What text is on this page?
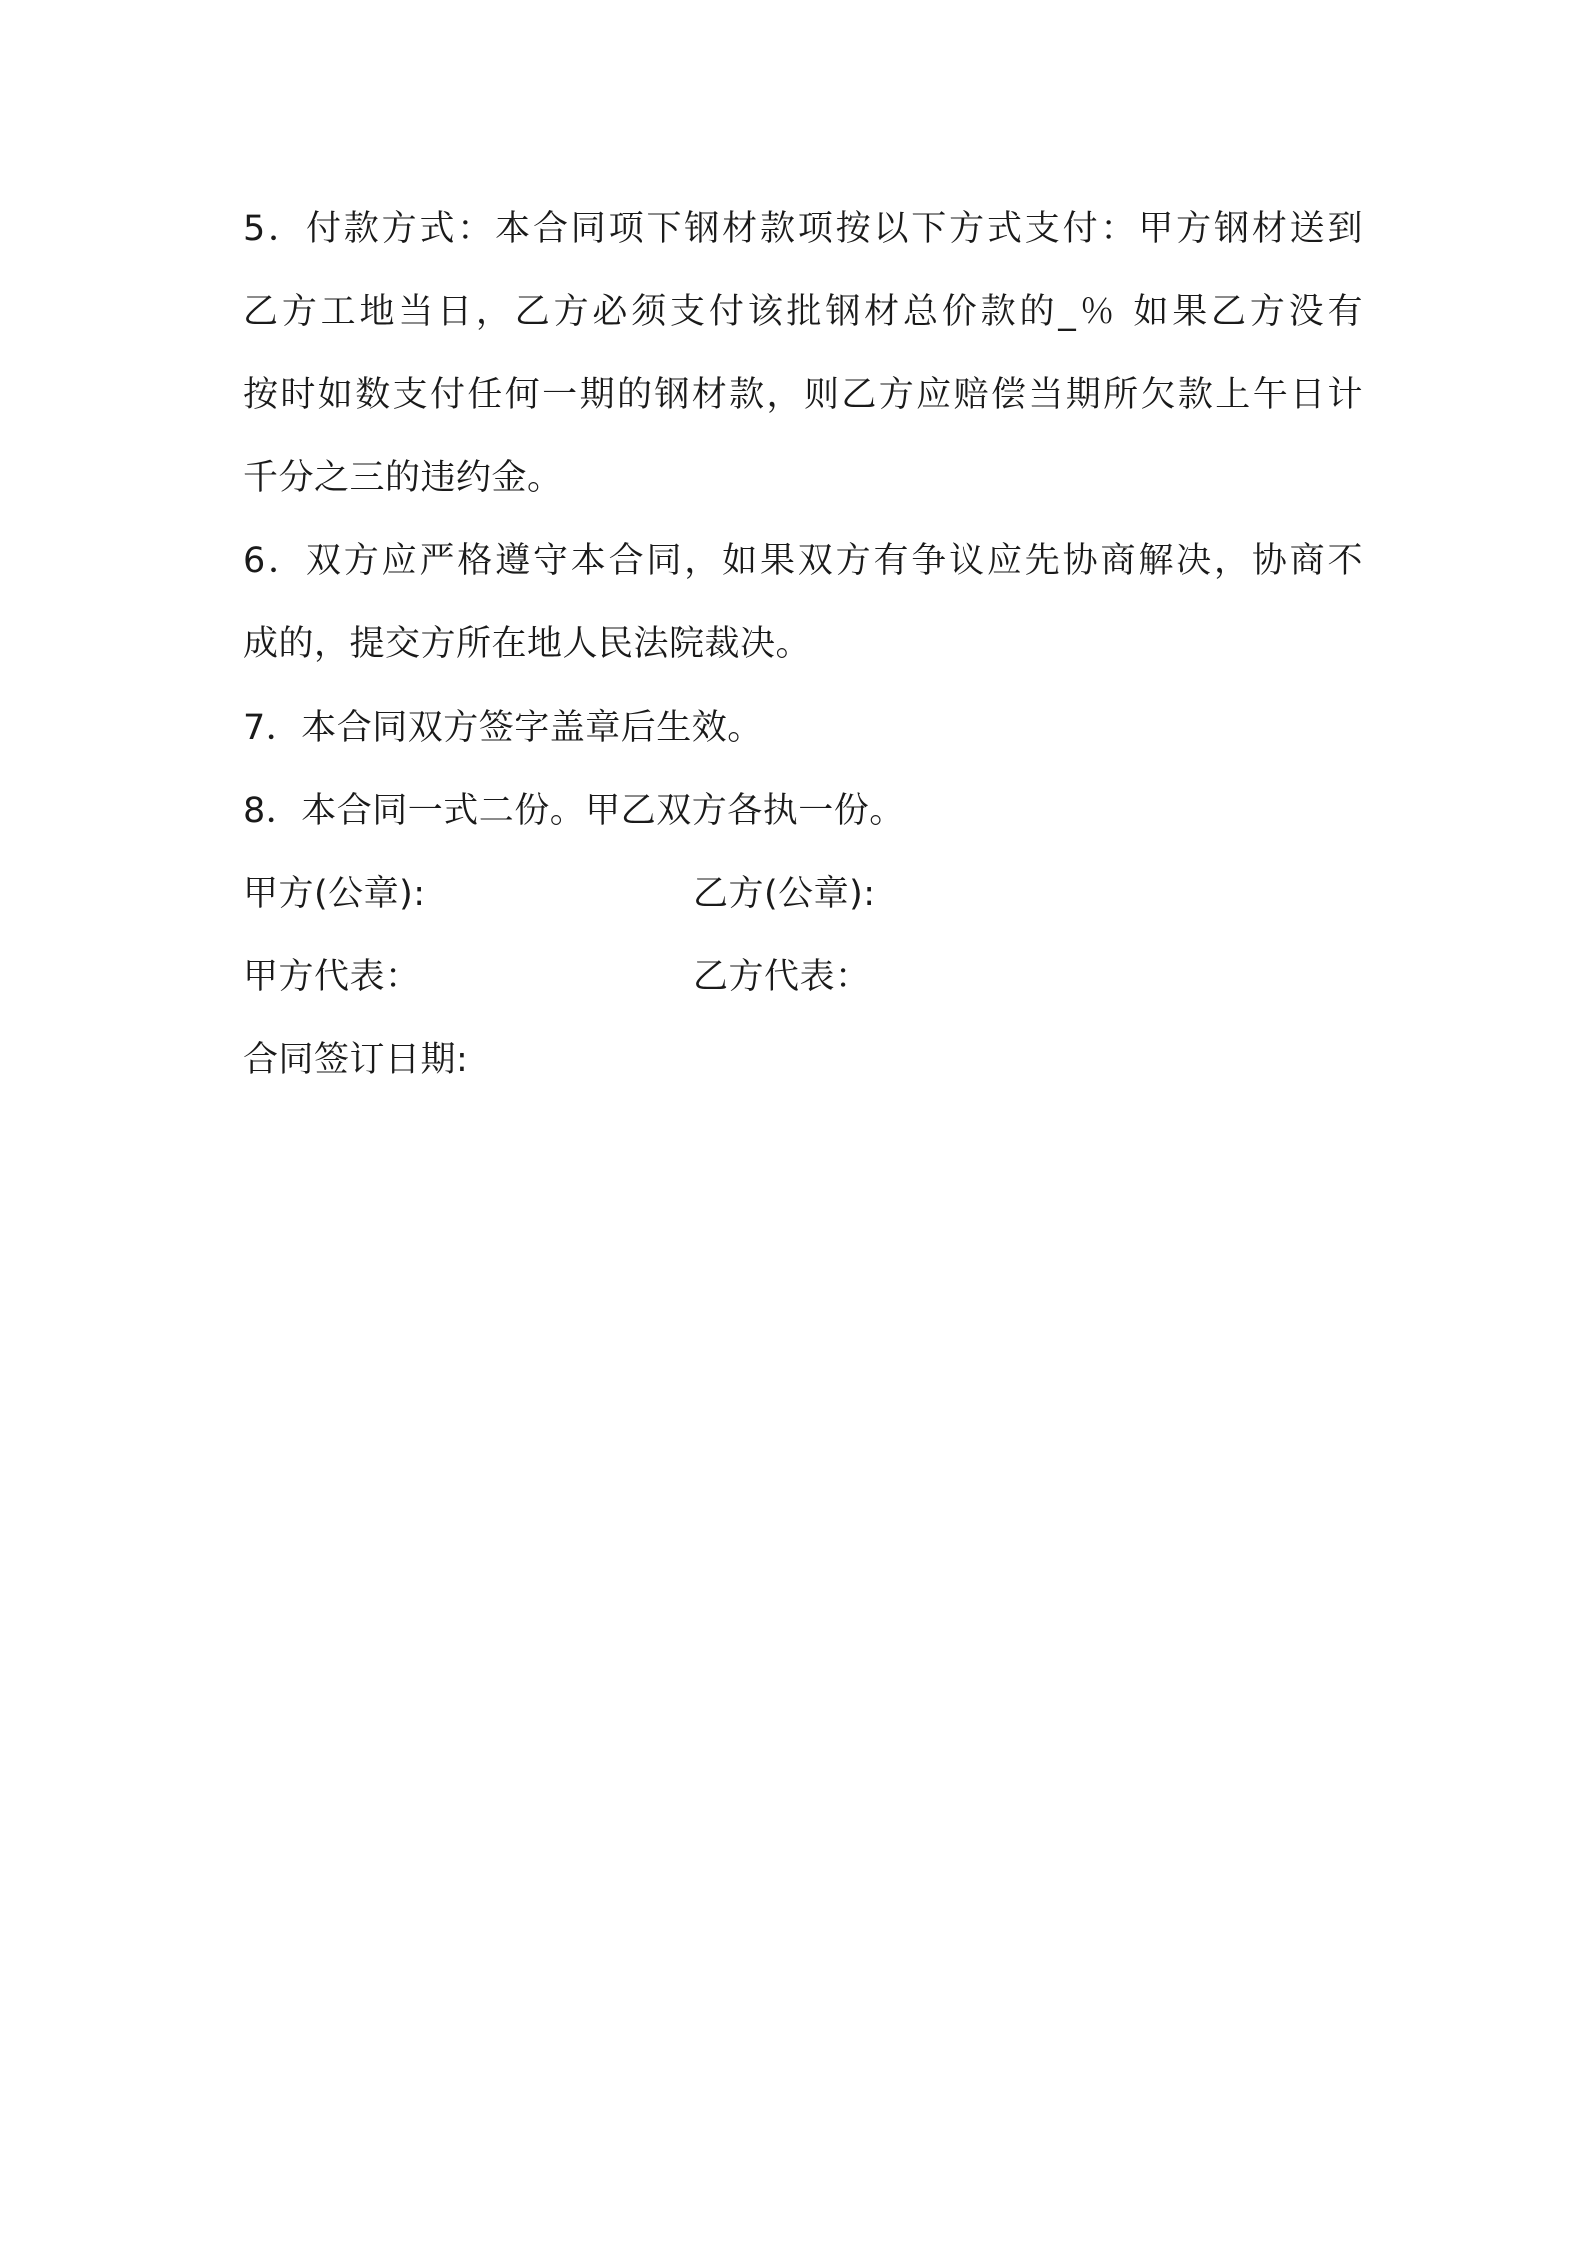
5．付款方式：本合同项下钢材款项按以下方式支付：甲方钢材送到
乙方工地当日，乙方必须支付该批钢材总价款的_％ 如果乙方没有
按时如数支付任何一期的钢材款，则乙方应赔偿当期所欠款上午日计
千分之三的违约金。
6．双方应严格遵守本合同，如果双方有争议应先协商解决，协商不
成的，提交方所在地人民法院裁决。
7．本合同双方签字盖章后生效。
8．本合同一式二份。甲乙双方各执一份。
甲方(公章):	乙方(公章):
甲方代表：	乙方代表：
合同签订日期:
